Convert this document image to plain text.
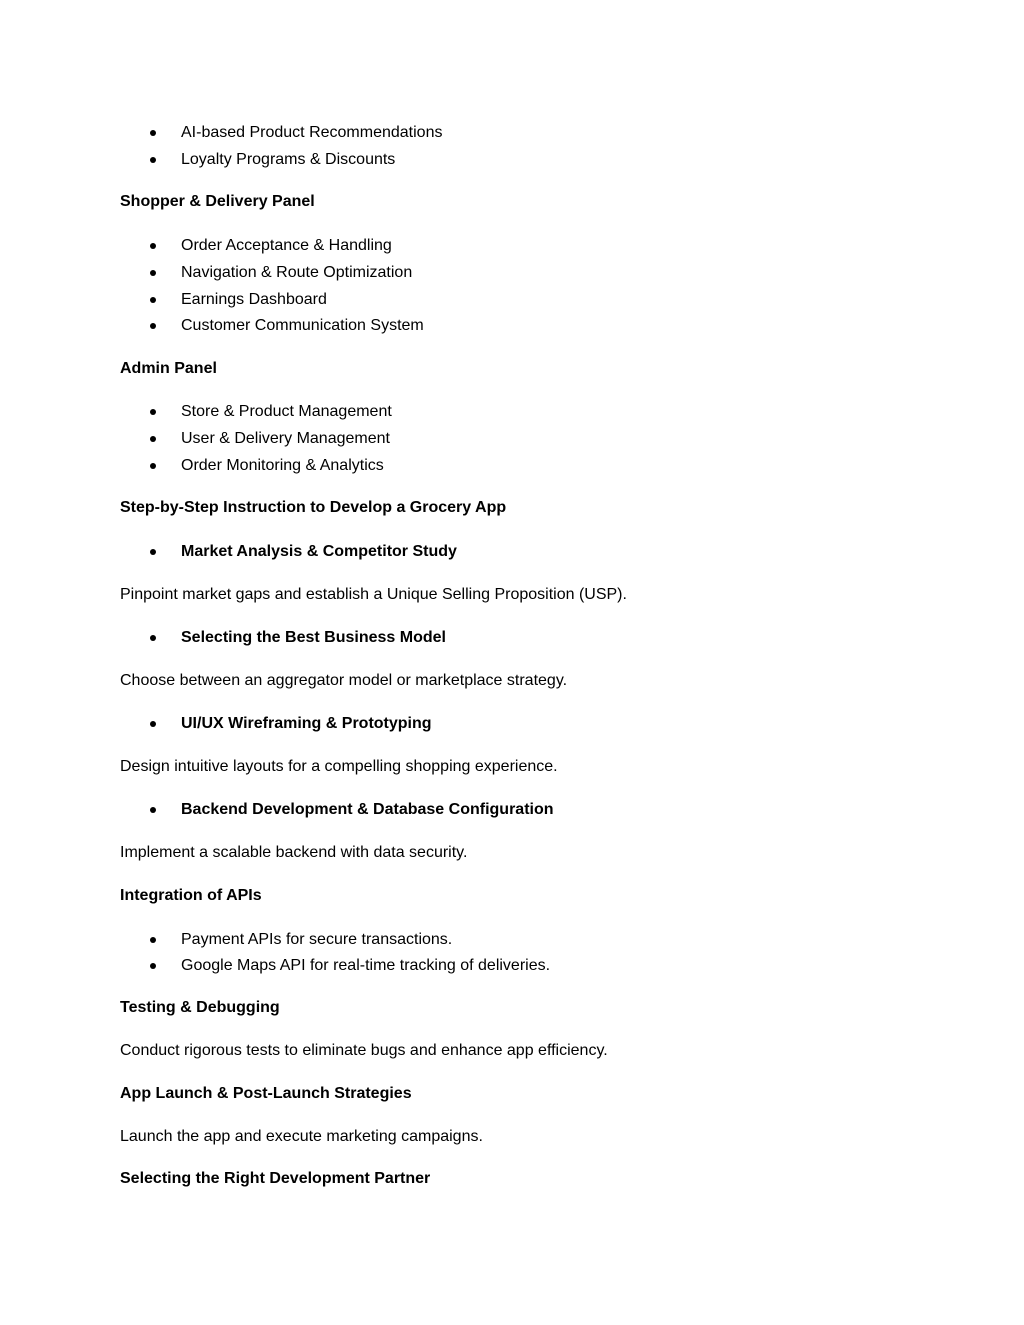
AI-based Product Recommendations
Loyalty Programs & Discounts
Shopper & Delivery Panel
Order Acceptance & Handling
Navigation & Route Optimization
Earnings Dashboard
Customer Communication System
Admin Panel
Store & Product Management
User & Delivery Management
Order Monitoring & Analytics
Step-by-Step Instruction to Develop a Grocery App
Market Analysis & Competitor Study
Pinpoint market gaps and establish a Unique Selling Proposition (USP).
Selecting the Best Business Model
Choose between an aggregator model or marketplace strategy.
UI/UX Wireframing & Prototyping
Design intuitive layouts for a compelling shopping experience.
Backend Development & Database Configuration
Implement a scalable backend with data security.
Integration of APIs
Payment APIs for secure transactions.
Google Maps API for real-time tracking of deliveries.
Testing & Debugging
Conduct rigorous tests to eliminate bugs and enhance app efficiency.
App Launch & Post-Launch Strategies
Launch the app and execute marketing campaigns.
Selecting the Right Development Partner
